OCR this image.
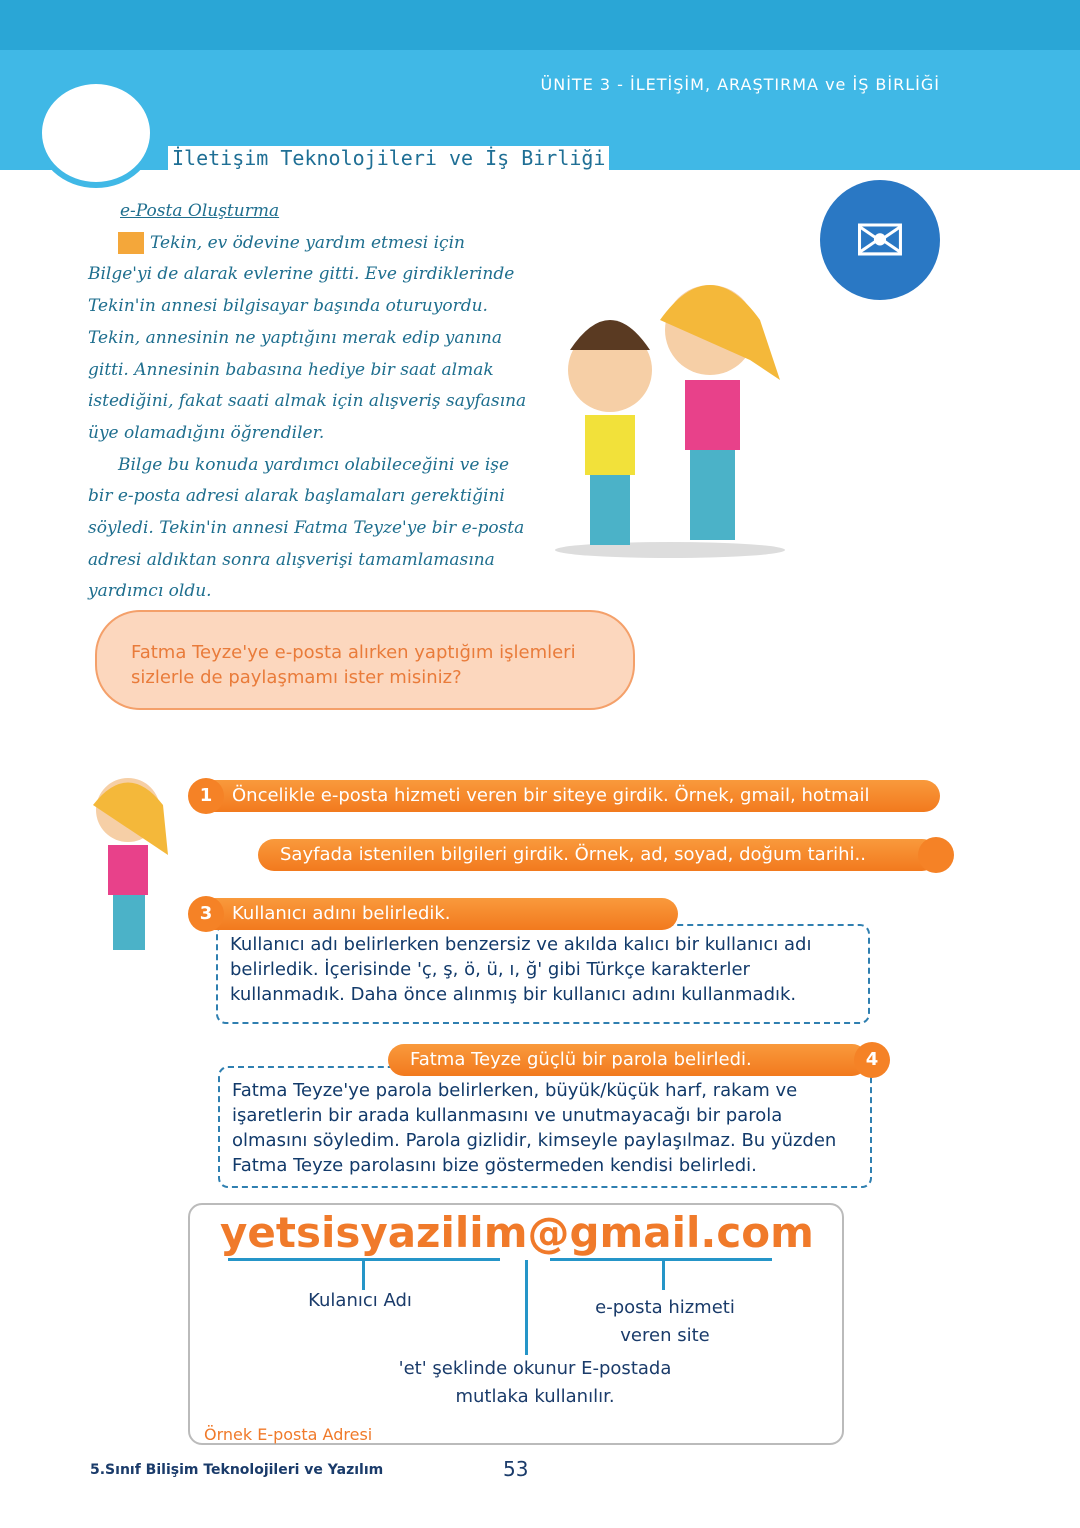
ÜNİTE 3 - İLETİŞİM, ARAŞTIRMA ve İŞ BİRLİĞİ
İletişim Teknolojileri ve İş Birliği
e-Posta Oluşturma

Tekin, ev ödevine yardım etmesi için Bilge'yi de alarak evlerine gitti. Eve girdiklerinde Tekin'in annesi bilgisayar başında oturuyordu. Tekin, annesinin ne yaptığını merak edip yanına gitti. Annesinin babasına hediye bir saat almak istediğini, fakat saati almak için alışveriş sayfasına üye olamadığını öğrendiler.

Bilge bu konuda yardımcı olabileceğini ve işe bir e-posta adresi alarak başlamaları gerektiğini söyledi. Tekin'in annesi Fatma Teyze'ye bir e-posta adresi aldıktan sonra alışverişi tamamlamasına yardımcı oldu.

✉
Fatma Teyze'ye e-posta alırken yaptığım işlemleri sizlerle de paylaşmamı ister misiniz?
1	Öncelikle e-posta hizmeti veren bir siteye girdik. Örnek, gmail, hotmail
Sayfada istenilen bilgileri girdik. Örnek, ad, soyad, doğum tarihi..
Kullanıcı adı belirlerken benzersiz ve akılda kalıcı bir kullanıcı adı belirledik. İçerisinde 'ç, ş, ö, ü, ı, ğ' gibi Türkçe karakterler kullanmadık. Daha önce alınmış bir kullanıcı adını kullanmadık.
3	Kullanıcı adını belirledik.
Fatma Teyze'ye parola belirlerken, büyük/küçük harf, rakam ve işaretlerin bir arada kullanmasını ve unutmayacağı bir parola olmasını söyledim. Parola gizlidir, kimseyle paylaşılmaz. Bu yüzden Fatma Teyze parolasını bize göstermeden kendisi belirledi.
4
Fatma Teyze güçlü bir parola belirledi.
yetsisyazilim@gmail.com
Kulanıcı Adı	e-posta hizmeti veren site
'et' şeklinde okunur E-postada mutlaka kullanılır.
Örnek E-posta Adresi
5.Sınıf Bilişim Teknolojileri ve Yazılım	53
